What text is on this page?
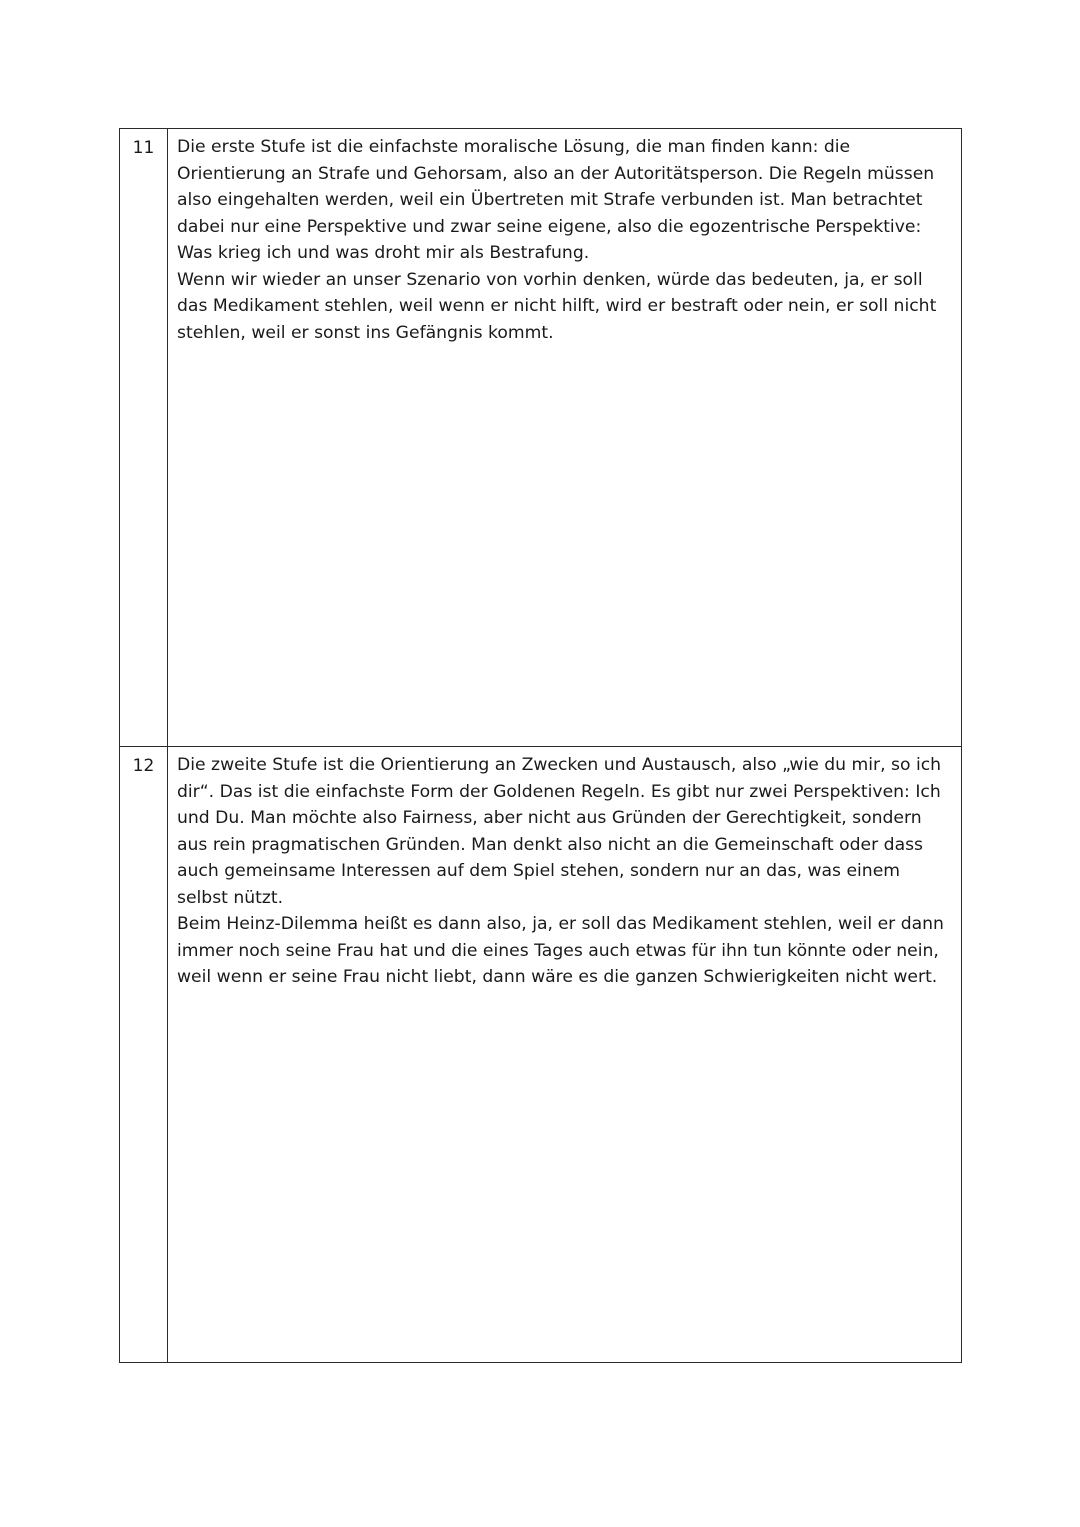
11	Die erste Stufe ist die einfachste moralische Lösung, die man finden kann: die Orientierung an Strafe und Gehorsam, also an der Autoritätsperson. Die Regeln müssen also eingehalten werden, weil ein Übertreten mit Strafe verbunden ist. Man betrachtet dabei nur eine Perspektive und zwar seine eigene, also die egozentrische Perspektive: Was krieg ich und was droht mir als Bestrafung.

Wenn wir wieder an unser Szenario von vorhin denken, würde das bedeuten, ja, er soll das Medikament stehlen, weil wenn er nicht hilft, wird er bestraft oder nein, er soll nicht stehlen, weil er sonst ins Gefängnis kommt.

12	Die zweite Stufe ist die Orientierung an Zwecken und Austausch, also „wie du mir, so ich dir“. Das ist die einfachste Form der Goldenen Regeln. Es gibt nur zwei Perspektiven: Ich und Du. Man möchte also Fairness, aber nicht aus Gründen der Gerechtigkeit, sondern aus rein pragmatischen Gründen. Man denkt also nicht an die Gemeinschaft oder dass auch gemeinsame Interessen auf dem Spiel stehen, sondern nur an das, was einem selbst nützt.

Beim Heinz-Dilemma heißt es dann also, ja, er soll das Medikament stehlen, weil er dann immer noch seine Frau hat und die eines Tages auch etwas für ihn tun könnte oder nein, weil wenn er seine Frau nicht liebt, dann wäre es die ganzen Schwierigkeiten nicht wert.
